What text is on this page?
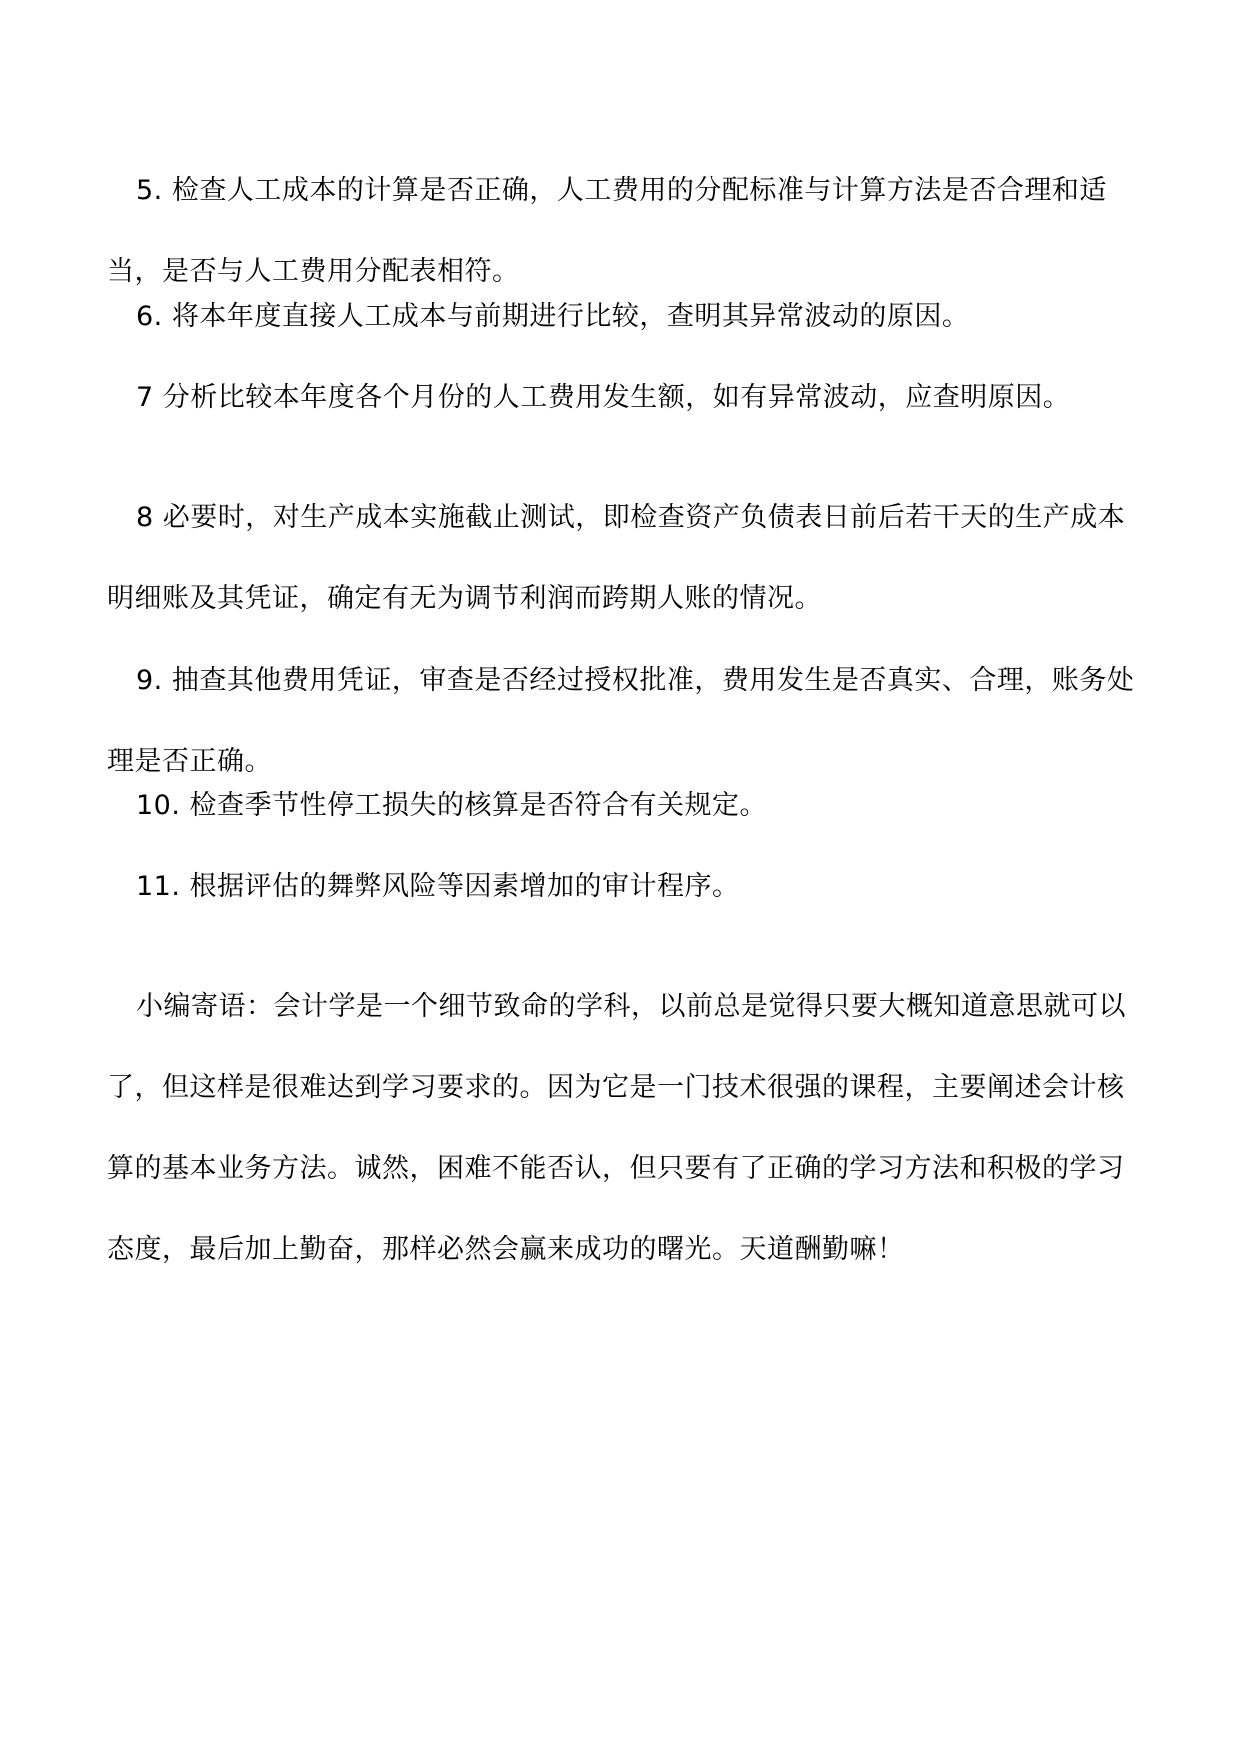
5. 检查人工成本的计算是否正确，人工费用的分配标准与计算方法是否合理和适当，是否与人工费用分配表相符。

6. 将本年度直接人工成本与前期进行比较，查明其异常波动的原因。

7 分析比较本年度各个月份的人工费用发生额，如有异常波动，应查明原因。

8 必要时，对生产成本实施截止测试，即检查资产负债表日前后若干天的生产成本明细账及其凭证，确定有无为调节利润而跨期人账的情况。

9. 抽查其他费用凭证，审查是否经过授权批准，费用发生是否真实、合理，账务处理是否正确。

10. 检查季节性停工损失的核算是否符合有关规定。

11. 根据评估的舞弊风险等因素增加的审计程序。

小编寄语：会计学是一个细节致命的学科，以前总是觉得只要大概知道意思就可以了，但这样是很难达到学习要求的。因为它是一门技术很强的课程，主要阐述会计核算的基本业务方法。诚然，困难不能否认，但只要有了正确的学习方法和积极的学习态度，最后加上勤奋，那样必然会赢来成功的曙光。天道酬勤嘛！
